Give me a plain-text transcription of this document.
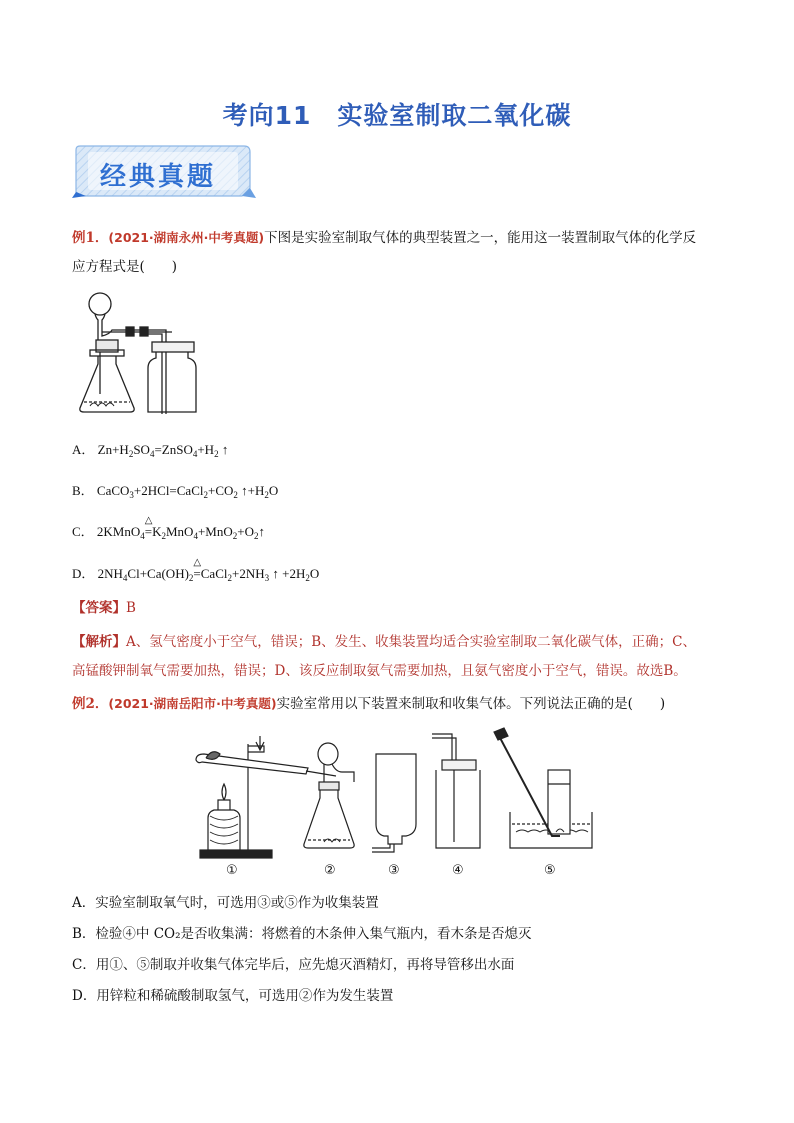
考向11　实验室制取二氧化碳
经典真题
例1．(2021·湖南永州·中考真题)下图是实验室制取气体的典型装置之一，能用这一装置制取气体的化学反
应方程式是(　　)
A． $Zn+H_2SO_4=ZnSO_4+H_2$ ↑
B． $CaCO_3+2HCl=CaCl_2+CO_2$ $↑+H_2O$
C． 2KMnO$_4$
△
$=K_2MnO_4+MnO_2+O_2↑$
D． $2NH_4Cl+Ca(OH)_2$
△
$=CaCl_2+2NH_3$ ↑ $+2H_2O$
【答案】B
【解析】A、氢气密度小于空气，错误；B、发生、收集装置均适合实验室制取二氧化碳气体，正确；C、
高锰酸钾制氧气需要加热，错误；D、该反应制取氨气需要加热，且氨气密度小于空气，错误。故选B。
例2．(2021·湖南岳阳市·中考真题)实验室常用以下装置来制取和收集气体。下列说法正确的是(　　)
①	②	③	④	⑤
A．实验室制取氧气时，可选用③或⑤作为收集装置
B．检验④中 CO₂是否收集满：将燃着的木条伸入集气瓶内，看木条是否熄灭
C．用①、⑤制取并收集气体完毕后，应先熄灭酒精灯，再将导管移出水面
D．用锌粒和稀硫酸制取氢气，可选用②作为发生装置
